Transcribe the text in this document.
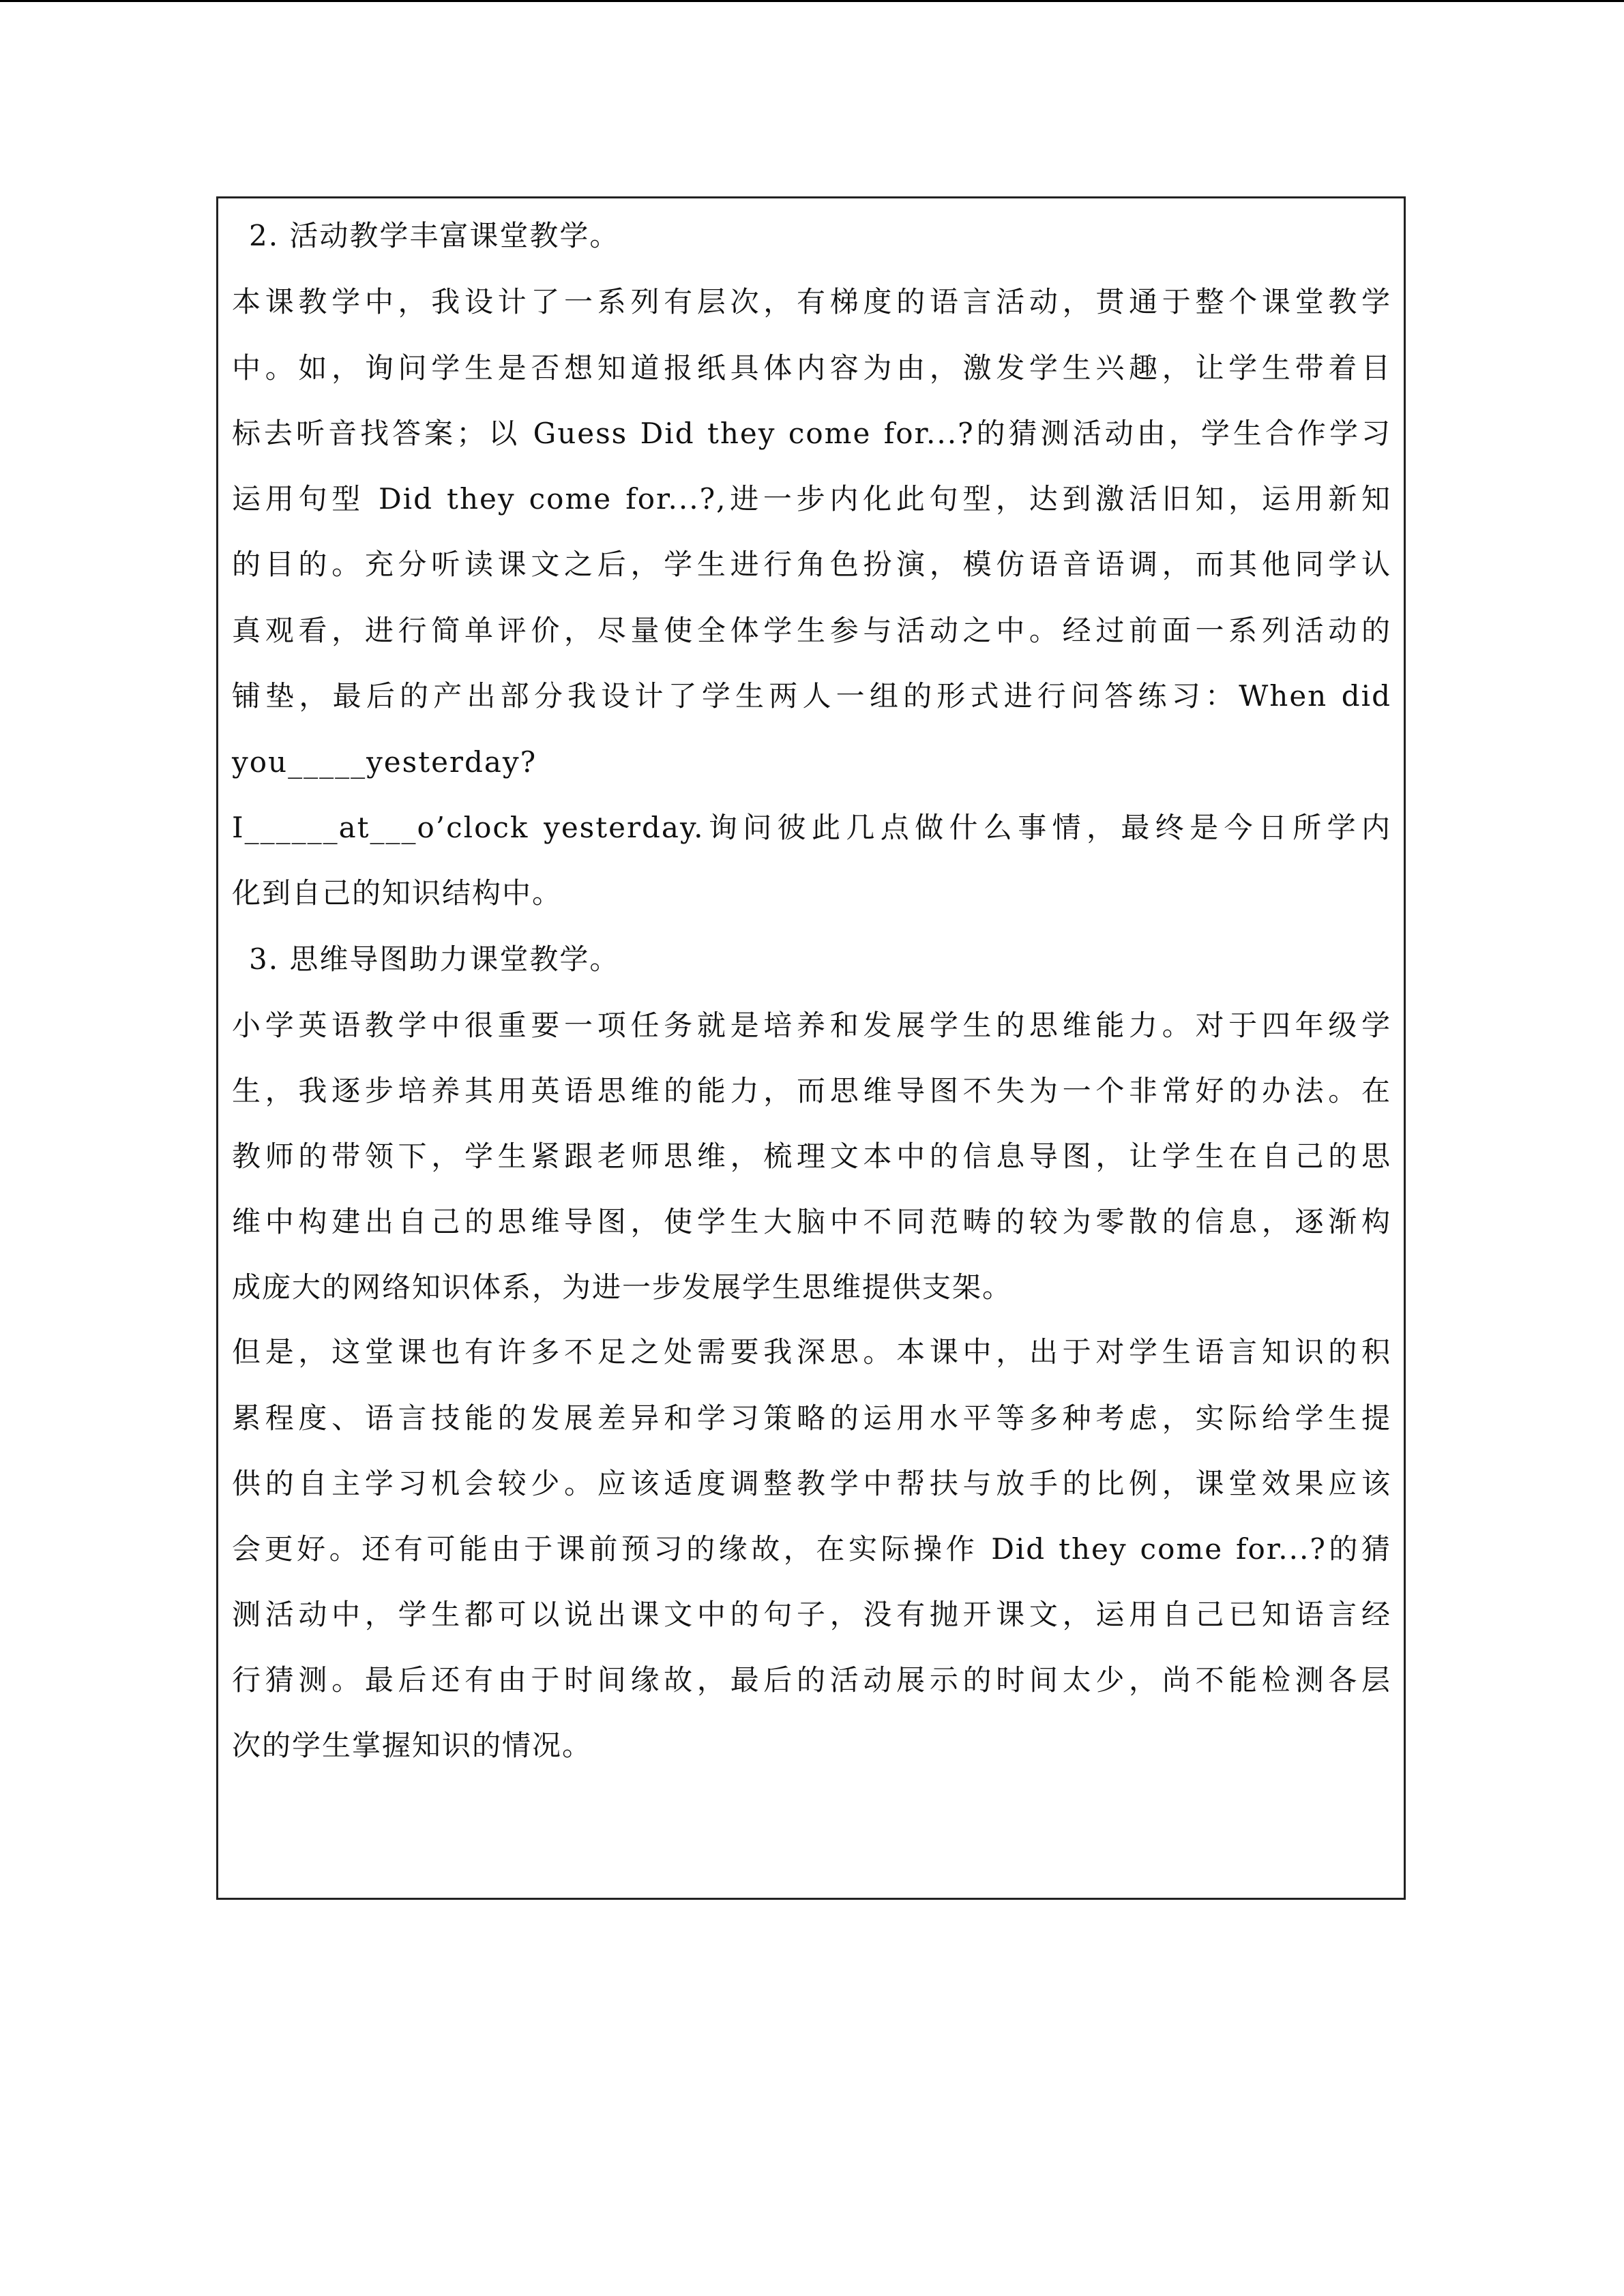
2. 活动教学丰富课堂教学。
本课教学中，我设计了一系列有层次，有梯度的语言活动，贯通于整个课堂教学
中。如，询问学生是否想知道报纸具体内容为由，激发学生兴趣，让学生带着目
标去听音找答案；以 Guess Did they come for...?的猜测活动由，学生合作学习
运用句型 Did they come for...?,进一步内化此句型，达到激活旧知，运用新知
的目的。充分听读课文之后，学生进行角色扮演，模仿语音语调，而其他同学认
真观看，进行简单评价，尽量使全体学生参与活动之中。经过前面一系列活动的
铺垫，最后的产出部分我设计了学生两人一组的形式进行问答练习：When did
you_____yesterday?
I______at___o’clock yesterday.询问彼此几点做什么事情，最终是今日所学内
化到自己的知识结构中。
3. 思维导图助力课堂教学。
小学英语教学中很重要一项任务就是培养和发展学生的思维能力。对于四年级学
生，我逐步培养其用英语思维的能力，而思维导图不失为一个非常好的办法。在
教师的带领下，学生紧跟老师思维，梳理文本中的信息导图，让学生在自己的思
维中构建出自己的思维导图，使学生大脑中不同范畴的较为零散的信息，逐渐构
成庞大的网络知识体系，为进一步发展学生思维提供支架。
但是，这堂课也有许多不足之处需要我深思。本课中，出于对学生语言知识的积
累程度、语言技能的发展差异和学习策略的运用水平等多种考虑，实际给学生提
供的自主学习机会较少。应该适度调整教学中帮扶与放手的比例，课堂效果应该
会更好。还有可能由于课前预习的缘故，在实际操作 Did they come for...?的猜
测活动中，学生都可以说出课文中的句子，没有抛开课文，运用自己已知语言经
行猜测。最后还有由于时间缘故，最后的活动展示的时间太少，尚不能检测各层
次的学生掌握知识的情况。
